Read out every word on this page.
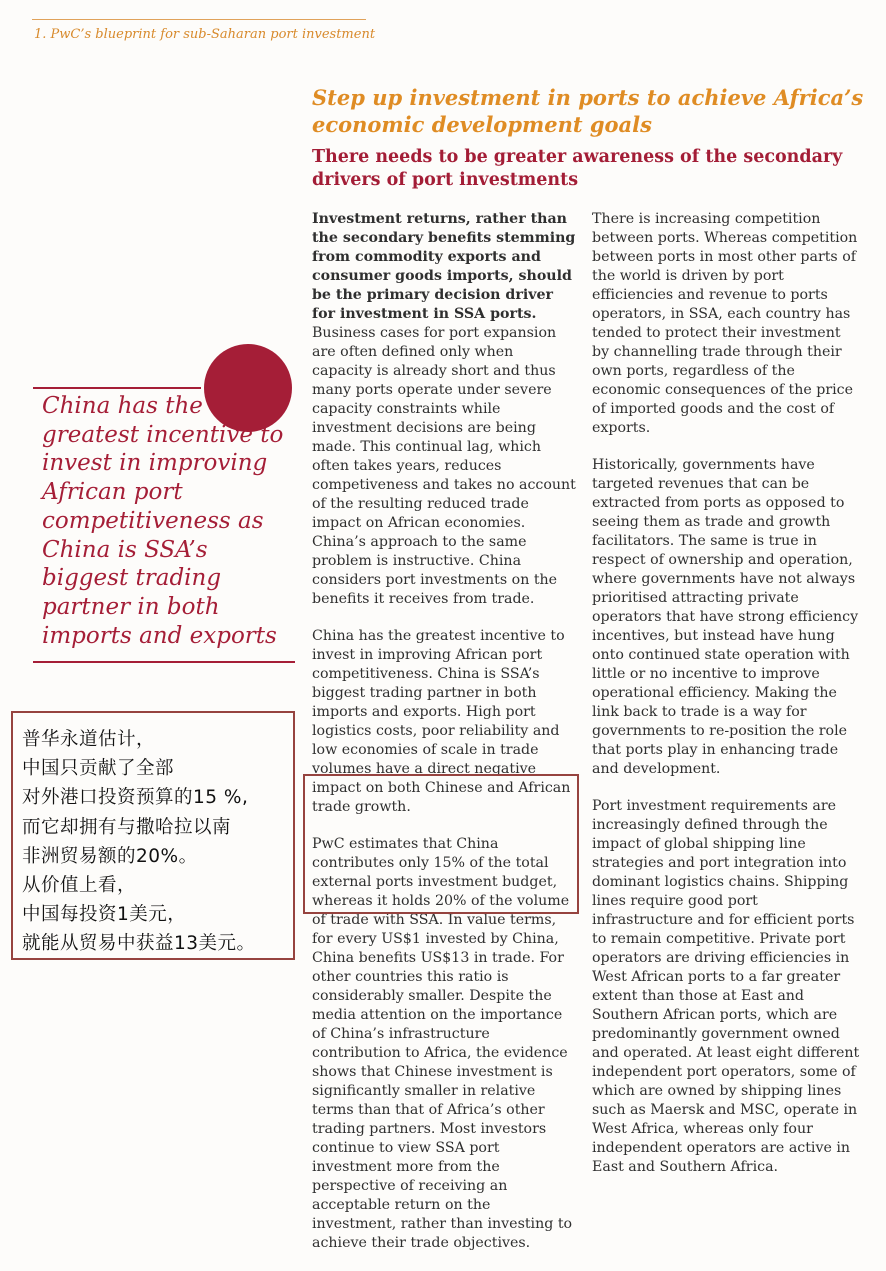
1. PwC’s blueprint for sub-Saharan port investment
Step up investment in ports to achieve Africa’s economic development goals
There needs to be greater awareness of the secondary drivers of port investments
China has the greatest incentive to invest in improving African port competitiveness as China is SSA’s biggest trading partner in both imports and exports

Investment returns, rather than the secondary benefits stemming from commodity exports and consumer goods imports, should be the primary decision driver for investment in SSA ports. Business cases for port expansion are often defined only when capacity is already short and thus many ports operate under severe capacity constraints while investment decisions are being made. This continual lag, which often takes years, reduces competiveness and takes no account of the resulting reduced trade impact on African economies. China’s approach to the same problem is instructive. China considers port investments on the benefits it receives from trade.

China has the greatest incentive to invest in improving African port competitiveness. China is SSA’s biggest trading partner in both imports and exports. High port logistics costs, poor reliability and low economies of scale in trade volumes have a direct negative impact on both Chinese and African trade growth.

PwC estimates that China contributes only 15% of the total external ports investment budget, whereas it holds 20% of the volume of trade with SSA. In value terms, for every US$1 invested by China, China benefits US$13 in trade. For other countries this ratio is considerably smaller. Despite the media attention on the importance of China’s infrastructure contribution to Africa, the evidence shows that Chinese investment is significantly smaller in relative terms than that of Africa’s other trading partners. Most investors continue to view SSA port investment more from the perspective of receiving an acceptable return on the investment, rather than investing to achieve their trade objectives.

There is increasing competition between ports. Whereas competition between ports in most other parts of the world is driven by port efficiencies and revenue to ports operators, in SSA, each country has tended to protect their investment by channelling trade through their own ports, regardless of the economic consequences of the price of imported goods and the cost of exports.

Historically, governments have targeted revenues that can be extracted from ports as opposed to seeing them as trade and growth facilitators. The same is true in respect of ownership and operation, where governments have not always prioritised attracting private operators that have strong efficiency incentives, but instead have hung onto continued state operation with little or no incentive to improve operational efficiency. Making the link back to trade is a way for governments to re-position the role that ports play in enhancing trade and development.

Port investment requirements are increasingly defined through the impact of global shipping line strategies and port integration into dominant logistics chains. Shipping lines require good port infrastructure and for efficient ports to remain competitive. Private port operators are driving efficiencies in West African ports to a far greater extent than those at East and Southern African ports, which are predominantly government owned and operated. At least eight different independent port operators, some of which are owned by shipping lines such as Maersk and MSC, operate in West Africa, whereas only four independent operators are active in East and Southern Africa.

普华永道估计，
中国只贡献了全部
对外港口投资预算的15 %,
而它却拥有与撒哈拉以南
非洲贸易额的20%。
从价值上看，
中国每投资1美元，
就能从贸易中获益13美元。
